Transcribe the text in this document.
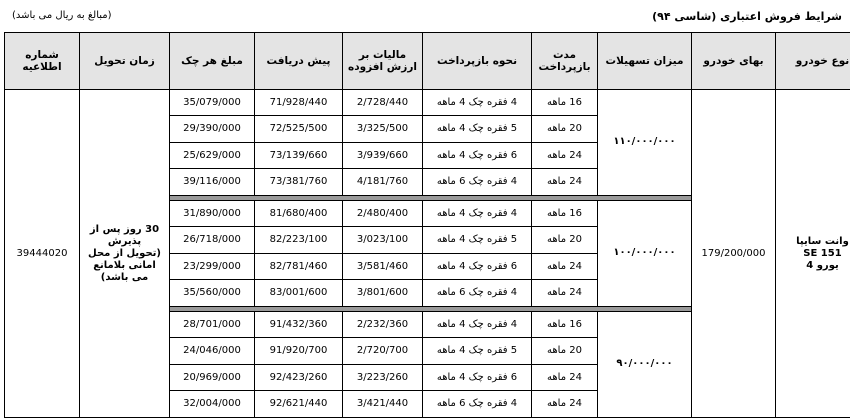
شرایط فروش اعتباری (شاسی ۹۴)
(مبالغ به ریال می باشد)
نوع خودرو	بهای خودرو	میزان تسهیلات	مدت
بازپرداخت	نحوه بازپرداخت	مالیات بر
ارزش افزوده	پیش دریافت	مبلغ هر چک	زمان تحویل	شماره اطلاعیه

وانت سایپا
SE 151
یورو 4	179/200/000	۱۱۰/۰۰۰/۰۰۰	16 ماهه	4 فقره چک 4 ماهه	2/728/440	71/928/440	35/079/000	30 روز پس از
پذیرش
(تحویل از محل
امانی بلامانع
می باشد)	39444020
			20 ماهه	5 فقره چک 4 ماهه	3/325/500	72/525/500	29/390/000		
			24 ماهه	6 فقره چک 4 ماهه	3/939/660	73/139/660	25/629/000		
			24 ماهه	4 فقره چک 6 ماهه	4/181/760	73/381/760	39/116/000		

		۱۰۰/۰۰۰/۰۰۰	16 ماهه	4 فقره چک 4 ماهه	2/480/400	81/680/400	31/890/000		
			20 ماهه	5 فقره چک 4 ماهه	3/023/100	82/223/100	26/718/000		
			24 ماهه	6 فقره چک 4 ماهه	3/581/460	82/781/460	23/299/000		
			24 ماهه	4 فقره چک 6 ماهه	3/801/600	83/001/600	35/560/000		

		۹۰/۰۰۰/۰۰۰	16 ماهه	4 فقره چک 4 ماهه	2/232/360	91/432/360	28/701/000		
			20 ماهه	5 فقره چک 4 ماهه	2/720/700	91/920/700	24/046/000		
			24 ماهه	6 فقره چک 4 ماهه	3/223/260	92/423/260	20/969/000		
			24 ماهه	4 فقره چک 6 ماهه	3/421/440	92/621/440	32/004/000		
